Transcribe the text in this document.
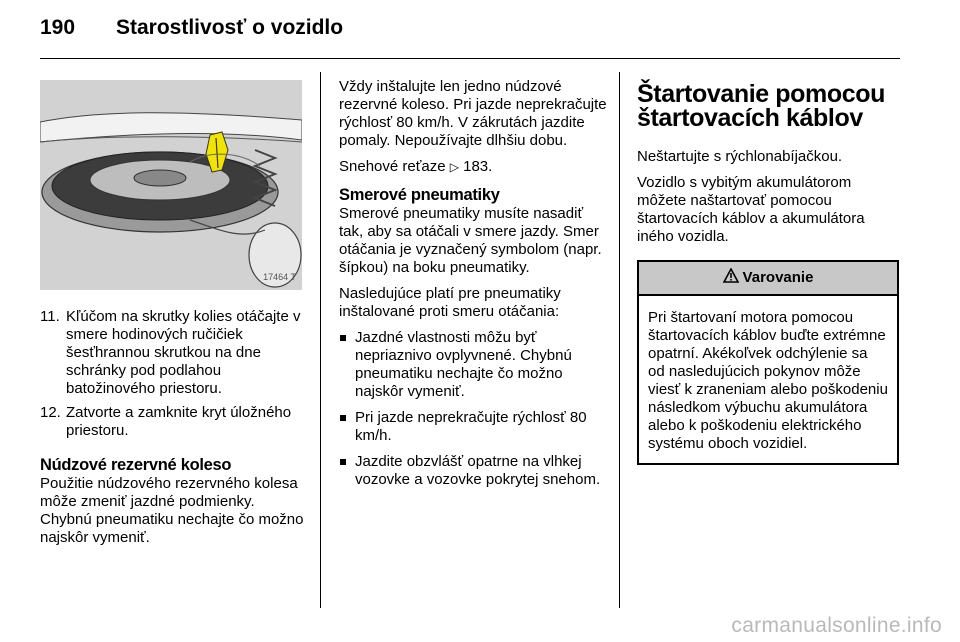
190 Starostlivosť o vozidlo
17464 T
11. Kľúčom na skrutky kolies otáčajte v smere hodinových ručičiek šesťhrannou skrutkou na dne schránky pod podlahou batožinového priestoru.
12. Zatvorte a zamknite kryt úložného priestoru.
Núdzové rezervné koleso

Použitie núdzového rezervného kolesa môže zmeniť jazdné podmienky. Chybnú pneumatiku nechajte čo možno najskôr vymeniť.

Vždy inštalujte len jedno núdzové rezervné koleso. Pri jazde neprekračujte rýchlosť 80 km/h. V zákrutách jazdite pomaly. Nepoužívajte dlhšiu dobu.

Snehové reťaze ▷ 183.

Smerové pneumatiky

Smerové pneumatiky musíte nasadiť tak, aby sa otáčali v smere jazdy. Smer otáčania je vyznačený symbolom (napr. šípkou) na boku pneumatiky.

Nasledujúce platí pre pneumatiky inštalované proti smeru otáčania:

Jazdné vlastnosti môžu byť nepriaznivo ovplyvnené. Chybnú pneumatiku nechajte čo možno najskôr vymeniť.
Pri jazde neprekračujte rýchlosť 80 km/h.
Jazdite obzvlášť opatrne na vlhkej vozovke a vozovke pokrytej snehom.
Štartovanie pomocou štartovacích káblov

Neštartujte s rýchlonabíjačkou.

Vozidlo s vybitým akumulátorom môžete naštartovať pomocou štartovacích káblov a akumulátora iného vozidla.

Varovanie
Pri štartovaní motora pomocou štartovacích káblov buďte extrémne opatrní. Akékoľvek odchýlenie sa od nasledujúcich pokynov môže viesť k zraneniam alebo poškodeniu následkom výbuchu akumulátora alebo k poškodeniu elektrického systému oboch vozidiel.
carmanualsonline.info
